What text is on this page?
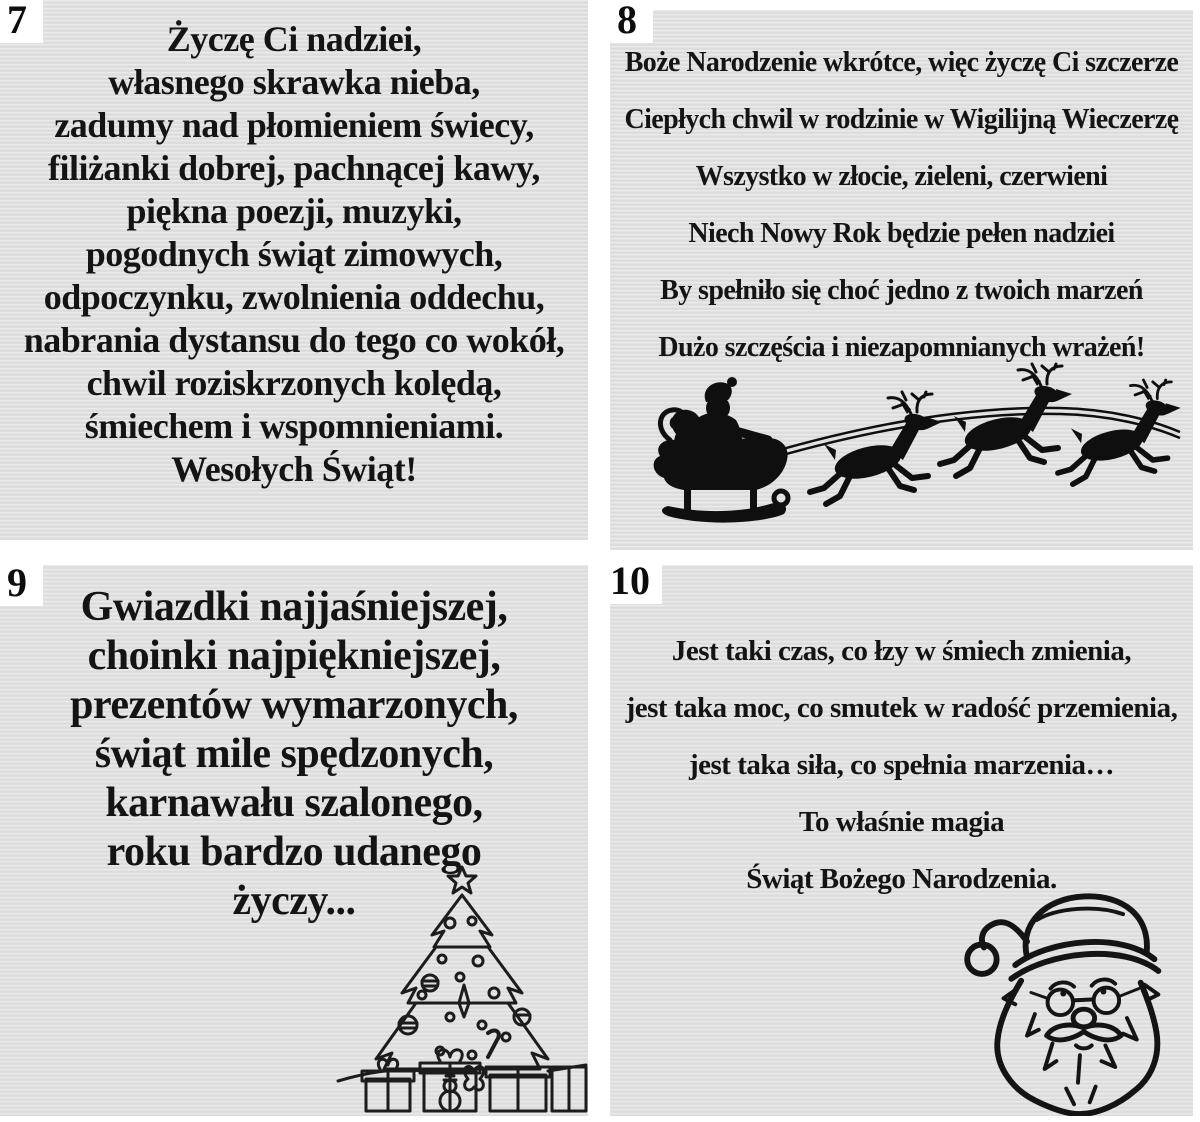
7	8
9	10
Życzę Ci nadziei,
własnego skrawka nieba,
zadumy nad płomieniem świecy,
filiżanki dobrej, pachnącej kawy,
piękna poezji, muzyki,
pogodnych świąt zimowych,
odpoczynku, zwolnienia oddechu,
nabrania dystansu do tego co wokół,
chwil roziskrzonych kolędą,
śmiechem i wspomnieniami.
Wesołych Świąt!
Boże Narodzenie wkrótce, więc życzę Ci szczerze
Ciepłych chwil w rodzinie w Wigilijną Wieczerzę
Wszystko w złocie, zieleni, czerwieni
Niech Nowy Rok będzie pełen nadziei
By spełniło się choć jedno z twoich marzeń
Dużo szczęścia i niezapomnianych wrażeń!
Gwiazdki najjaśniejszej,
choinki najpiękniejszej,
prezentów wymarzonych,
świąt mile spędzonych,
karnawału szalonego,
roku bardzo udanego
życzy...
Jest taki czas, co łzy w śmiech zmienia,
jest taka moc, co smutek w radość przemienia,
jest taka siła, co spełnia marzenia…
To właśnie magia
Świąt Bożego Narodzenia.
